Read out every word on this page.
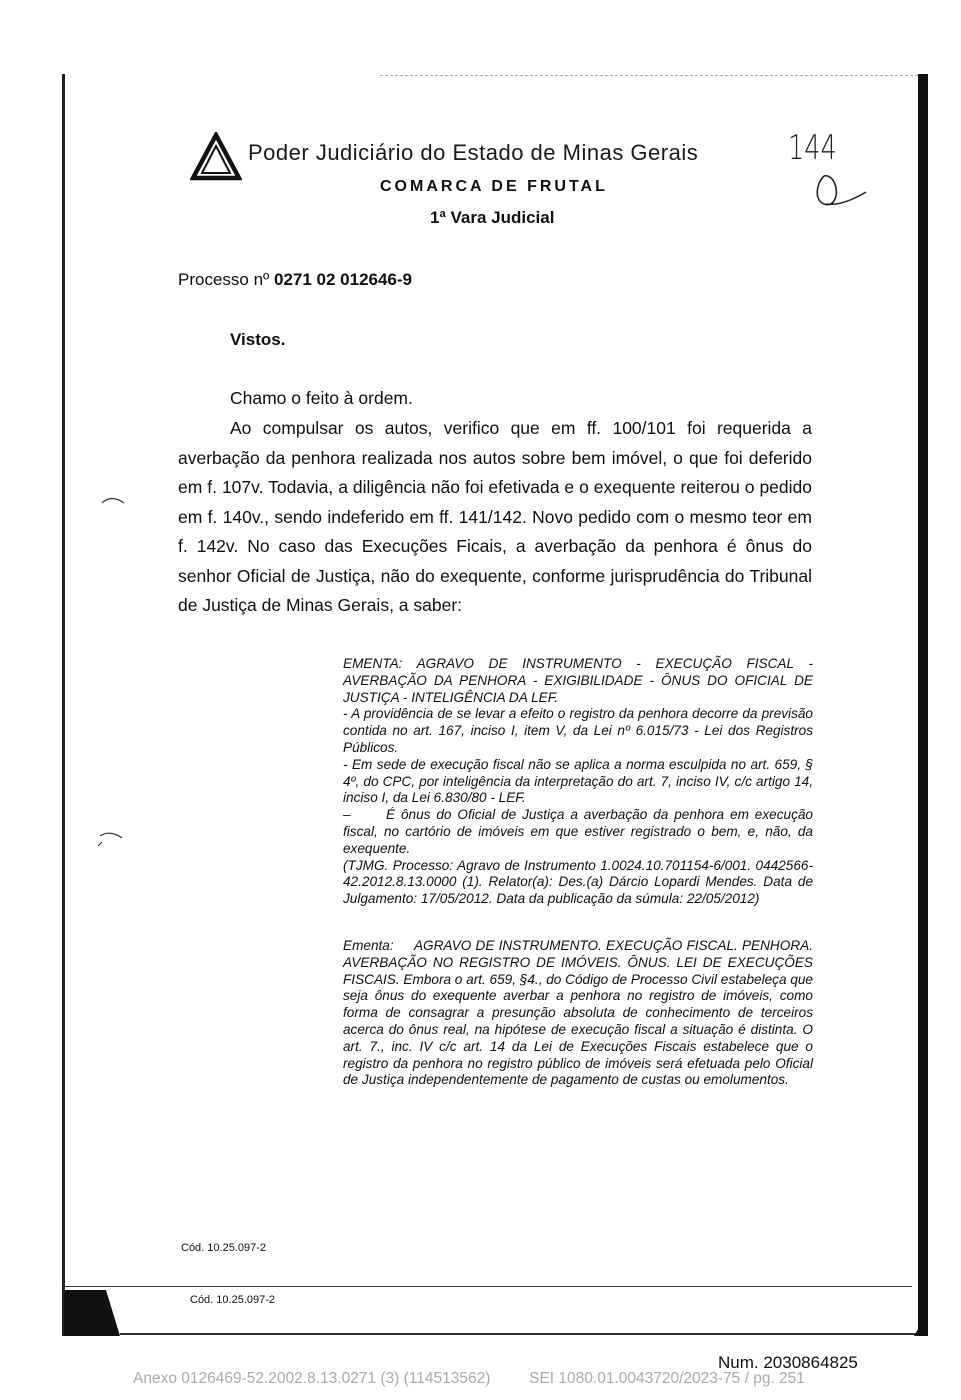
Poder Judiciário do Estado de Minas Gerais
COMARCA DE FRUTAL
1ª Vara Judicial
144
Processo nº 0271 02 012646-9
Vistos.
Chamo o feito à ordem.
Ao compulsar os autos, verifico que em ff. 100/101 foi requerida a averbação da penhora realizada nos autos sobre bem imóvel, o que foi deferido em f. 107v. Todavia, a diligência não foi efetivada e o exequente reiterou o pedido em f. 140v., sendo indeferido em ff. 141/142. Novo pedido com o mesmo teor em f. 142v. No caso das Execuções Ficais, a averbação da penhora é ônus do senhor Oficial de Justiça, não do exequente, conforme jurisprudência do Tribunal de Justiça de Minas Gerais, a saber:
EMENTA: AGRAVO DE INSTRUMENTO - EXECUÇÃO FISCAL - AVERBAÇÃO DA PENHORA - EXIGIBILIDADE - ÔNUS DO OFICIAL DE JUSTIÇA - INTELIGÊNCIA DA LEF.
- A providência de se levar a efeito o registro da penhora decorre da previsão contida no art. 167, inciso I, item V, da Lei nº 6.015/73 - Lei dos Registros Públicos.
- Em sede de execução fiscal não se aplica a norma esculpida no art. 659, § 4º, do CPC, por inteligência da interpretação do art. 7, inciso IV, c/c artigo 14, inciso I, da Lei 6.830/80 - LEF.
–      É ônus do Oficial de Justiça a averbação da penhora em execução fiscal, no cartório de imóveis em que estiver registrado o bem, e, não, da exequente.
(TJMG. Processo: Agravo de Instrumento 1.0024.10.701154-6/001. 0442566-42.2012.8.13.0000 (1). Relator(a): Des.(a) Dárcio Lopardi Mendes. Data de Julgamento: 17/05/2012. Data da publicação da súmula: 22/05/2012)
Ementa:     AGRAVO DE INSTRUMENTO. EXECUÇÃO FISCAL. PENHORA. AVERBAÇÃO NO REGISTRO DE IMÓVEIS. ÔNUS. LEI DE EXECUÇÕES FISCAIS. Embora o art. 659, §4., do Código de Processo Civil estabeleça que seja ônus do exequente averbar a penhora no registro de imóveis, como forma de consagrar a presunção absoluta de conhecimento de terceiros acerca do ônus real, na hipótese de execução fiscal a situação é distinta. O art. 7., inc. IV c/c art. 14 da Lei de Execuções Fiscais estabelece que o registro da penhora no registro público de imóveis será efetuada pelo Oficial de Justiça independentemente de pagamento de custas ou emolumentos.
Cód. 10.25.097-2
Cód. 10.25.097-2
Num. 2030864825
Anexo 0126469-52.2002.8.13.0271 (3) (114513562)         SEI 1080.01.0043720/2023-75 / pg. 251
